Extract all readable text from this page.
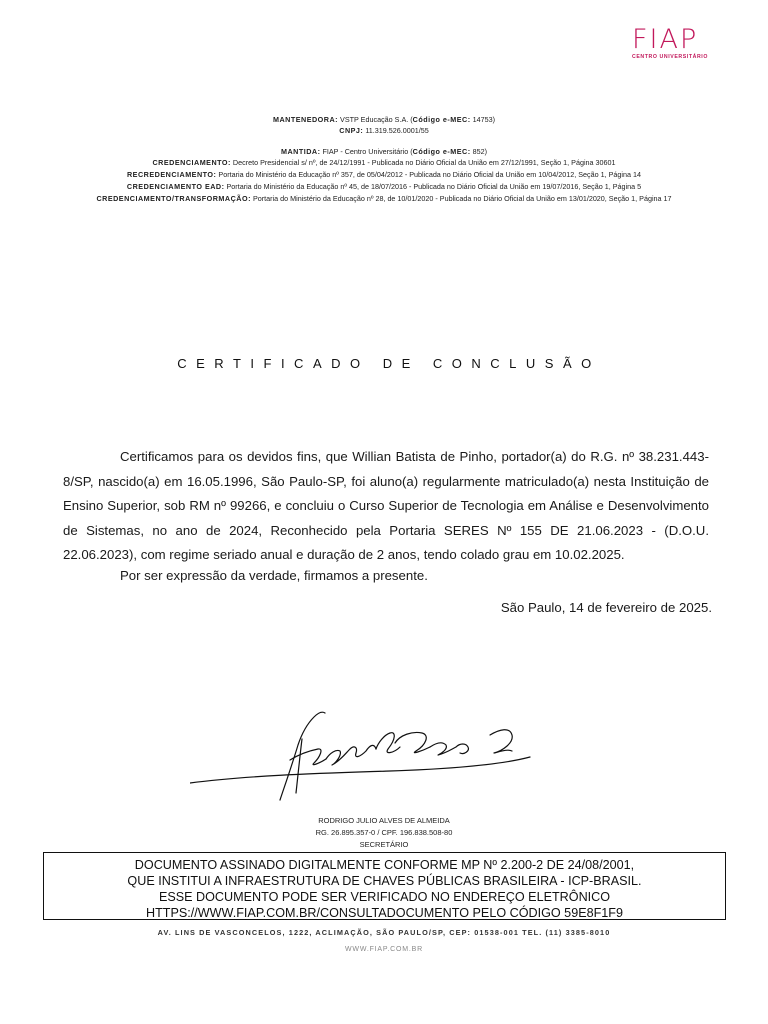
FIAP
CENTRO UNIVERSITÁRIO
MANTENEDORA: VSTP Educação S.A. (Código e-MEC: 14753)
CNPJ: 11.319.526.0001/55
MANTIDA: FIAP - Centro Universitário (Código e-MEC: 852)
CREDENCIAMENTO: Decreto Presidencial s/ nº, de 24/12/1991 - Publicada no Diário Oficial da União em 27/12/1991, Seção 1, Página 30601
RECREDENCIAMENTO: Portaria do Ministério da Educação nº 357, de 05/04/2012 - Publicada no Diário Oficial da União em 10/04/2012, Seção 1, Página 14
CREDENCIAMENTO EAD: Portaria do Ministério da Educação nº 45, de 18/07/2016 - Publicada no Diário Oficial da União em 19/07/2016, Seção 1, Página 5
CREDENCIAMENTO/TRANSFORMAÇÃO: Portaria do Ministério da Educação nº 28, de 10/01/2020 - Publicada no Diário Oficial da União em 13/01/2020, Seção 1, Página 17
CERTIFICADO DE CONCLUSÃO

Certificamos para os devidos fins, que Willian Batista de Pinho, portador(a) do R.G. nº 38.231.443-8/SP, nascido(a) em 16.05.1996, São Paulo-SP, foi aluno(a) regularmente matriculado(a) nesta Instituição de Ensino Superior, sob RM nº 99266, e concluiu o Curso Superior de Tecnologia em Análise e Desenvolvimento de Sistemas, no ano de 2024, Reconhecido pela Portaria SERES Nº 155 DE 21.06.2023 - (D.O.U. 22.06.2023), com regime seriado anual e duração de 2 anos, tendo colado grau em 10.02.2025.

Por ser expressão da verdade, firmamos a presente.
São Paulo, 14 de fevereiro de 2025.
RODRIGO JULIO ALVES DE ALMEIDA
RG. 26.895.357-0 / CPF. 196.838.508-80
SECRETÁRIO
DOCUMENTO ASSINADO DIGITALMENTE CONFORME MP Nº 2.200-2 DE 24/08/2001,
QUE INSTITUI A INFRAESTRUTURA DE CHAVES PÚBLICAS BRASILEIRA - ICP-BRASIL.
ESSE DOCUMENTO PODE SER VERIFICADO NO ENDEREÇO ELETRÔNICO
HTTPS://WWW.FIAP.COM.BR/CONSULTADOCUMENTO PELO CÓDIGO 59E8F1F9
AV. LINS DE VASCONCELOS, 1222, ACLIMAÇÃO, SÃO PAULO/SP, CEP: 01538-001 TEL. (11) 3385-8010
WWW.FIAP.COM.BR
